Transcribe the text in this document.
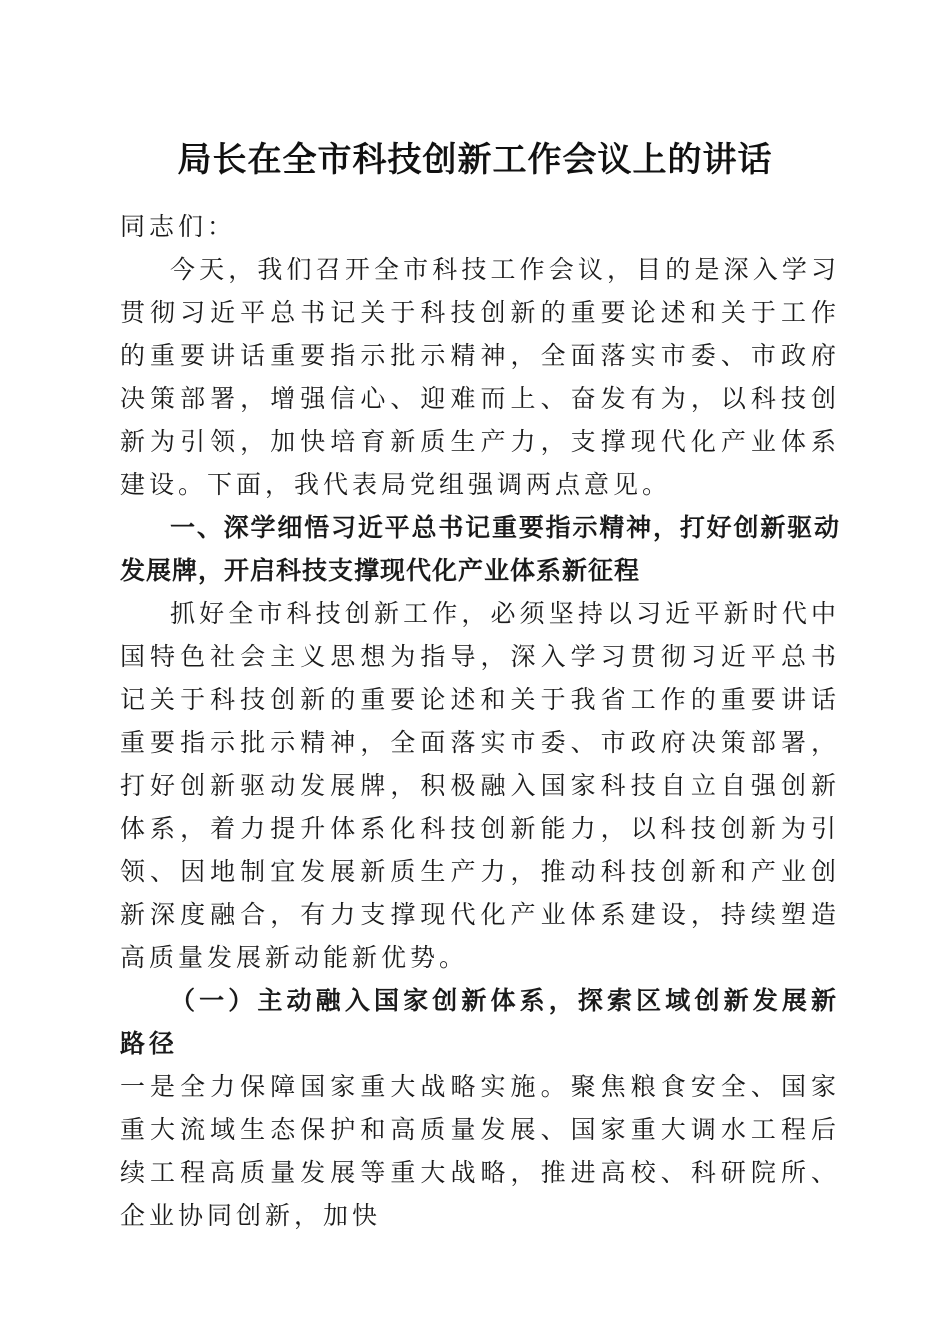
局长在全市科技创新工作会议上的讲话

同志们：

今天，我们召开全市科技工作会议，目的是深入学习贯彻习近平总书记关于科技创新的重要论述和关于工作的重要讲话重要指示批示精神，全面落实市委、市政府决策部署，增强信心、迎难而上、奋发有为，以科技创新为引领，加快培育新质生产力，支撑现代化产业体系建设。下面，我代表局党组强调两点意见。

一、深学细悟习近平总书记重要指示精神，打好创新驱动发展牌，开启科技支撑现代化产业体系新征程

抓好全市科技创新工作，必须坚持以习近平新时代中国特色社会主义思想为指导，深入学习贯彻习近平总书记关于科技创新的重要论述和关于我省工作的重要讲话重要指示批示精神，全面落实市委、市政府决策部署，打好创新驱动发展牌，积极融入国家科技自立自强创新体系，着力提升体系化科技创新能力，以科技创新为引领、因地制宜发展新质生产力，推动科技创新和产业创新深度融合，有力支撑现代化产业体系建设，持续塑造高质量发展新动能新优势。

（一）主动融入国家创新体系，探索区域创新发展新路径

一是全力保障国家重大战略实施。聚焦粮食安全、国家重大流域生态保护和高质量发展、国家重大调水工程后续工程高质量发展等重大战略，推进高校、科研院所、企业协同创新，加快
